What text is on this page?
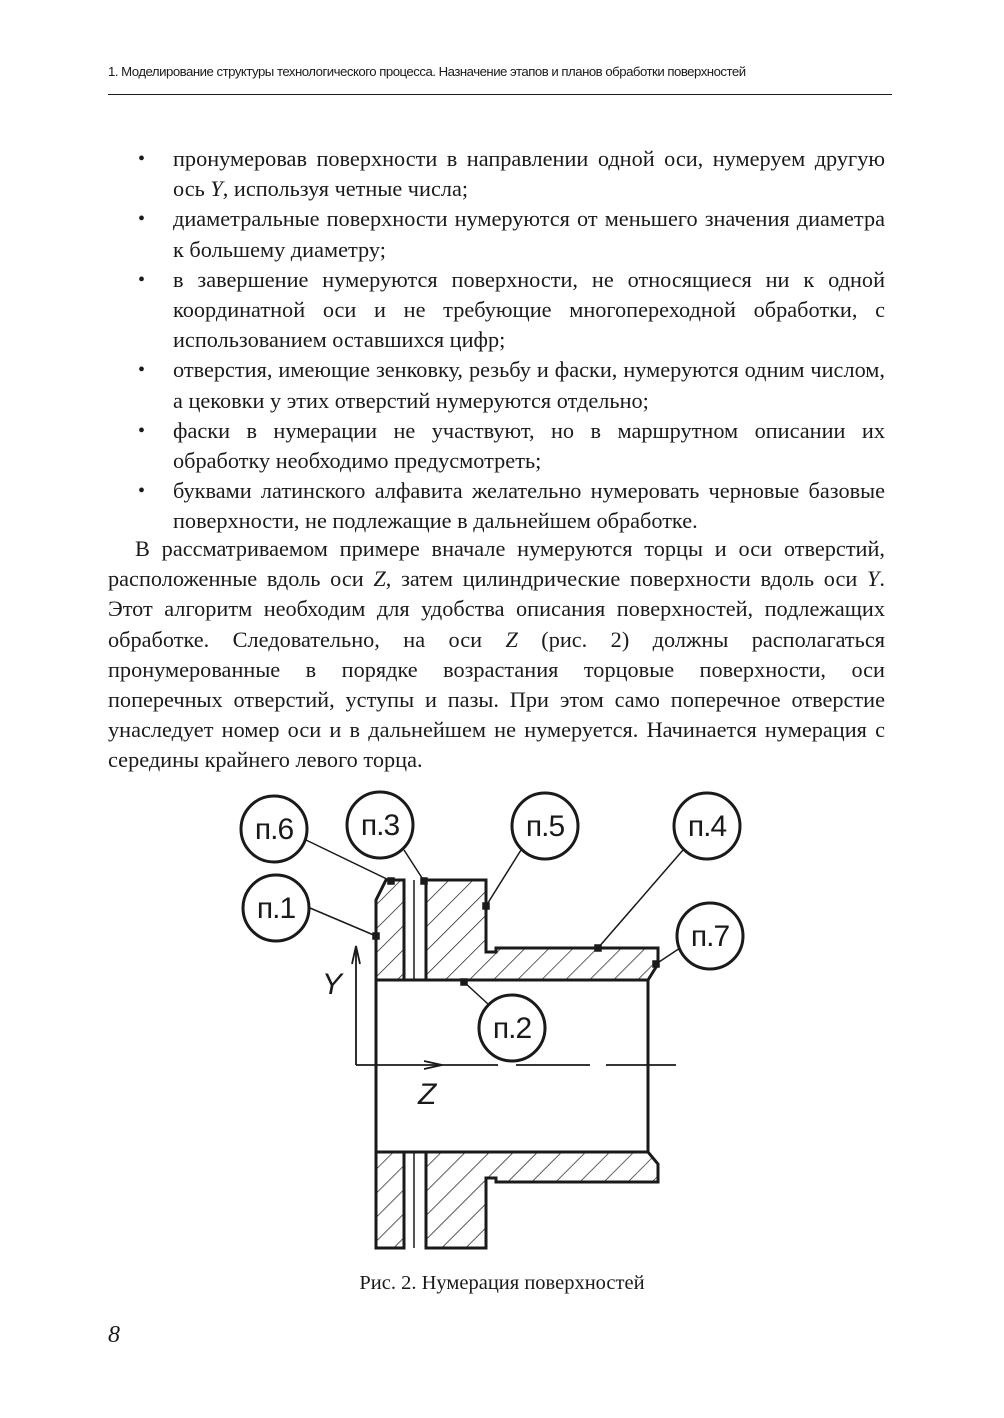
1. Моделирование структуры технологического процесса. Назначение этапов и планов обработки поверхностей
• пронумеровав поверхности в направлении одной оси, нумеруем другую ось Y, используя четные числа;
• диаметральные поверхности нумеруются от меньшего значения диаметра к большему диаметру;
• в завершение нумеруются поверхности, не относящиеся ни к одной координатной оси и не требующие многопереходной обработки, с использованием оставшихся цифр;
• отверстия, имеющие зенковку, резьбу и фаски, нумеруются одним числом, а цековки у этих отверстий нумеруются отдельно;
• фаски в нумерации не участвуют, но в маршрутном описании их обработку необходимо предусмотреть;
• буквами латинского алфавита желательно нумеровать черновые базовые поверхности, не подлежащие в дальнейшем обработке.

В рассматриваемом примере вначале нумеруются торцы и оси отверстий, расположенные вдоль оси Z, затем цилиндрические поверхности вдоль оси Y. Этот алгоритм необходим для удобства описания поверхностей, подлежащих обработке. Следовательно, на оси Z (рис. 2) должны располагаться пронумерованные в порядке возрастания торцовые поверхности, оси поперечных отверстий, уступы и пазы. При этом само поперечное отверстие унаследует номер оси и в дальнейшем не нумеруется. Начинается нумерация с середины крайнего левого торца.

Y
Z
п.6 п.3	п.5	п.4
п.1
п.7
п.2
Рис. 2. Нумерация поверхностей
8
